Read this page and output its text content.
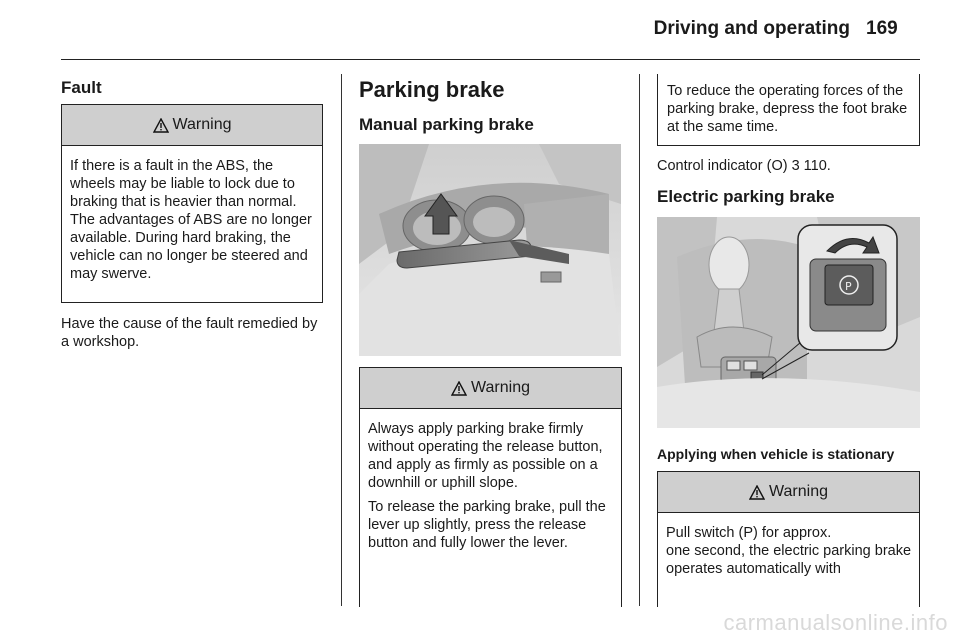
Driving and operating 169
Fault
Warning

If there is a fault in the ABS, the wheels may be liable to lock due to braking that is heavier than normal. The advantages of ABS are no longer available. During hard braking, the vehicle can no longer be steered and may swerve.

Have the cause of the fault remedied by a workshop.

Parking brake
Manual parking brake
Warning

Always apply parking brake firmly without operating the release button, and apply as firmly as possible on a downhill or uphill slope.

To release the parking brake, pull the lever up slightly, press the release button and fully lower the lever.

To reduce the operating forces of the parking brake, depress the foot brake at the same time.

Control indicator (O) 3 110.

Electric parking brake
P
Applying when vehicle is stationary
Warning

Pull switch (P) for approx.

one second, the electric parking brake operates automatically with

carmanualsonline.info
